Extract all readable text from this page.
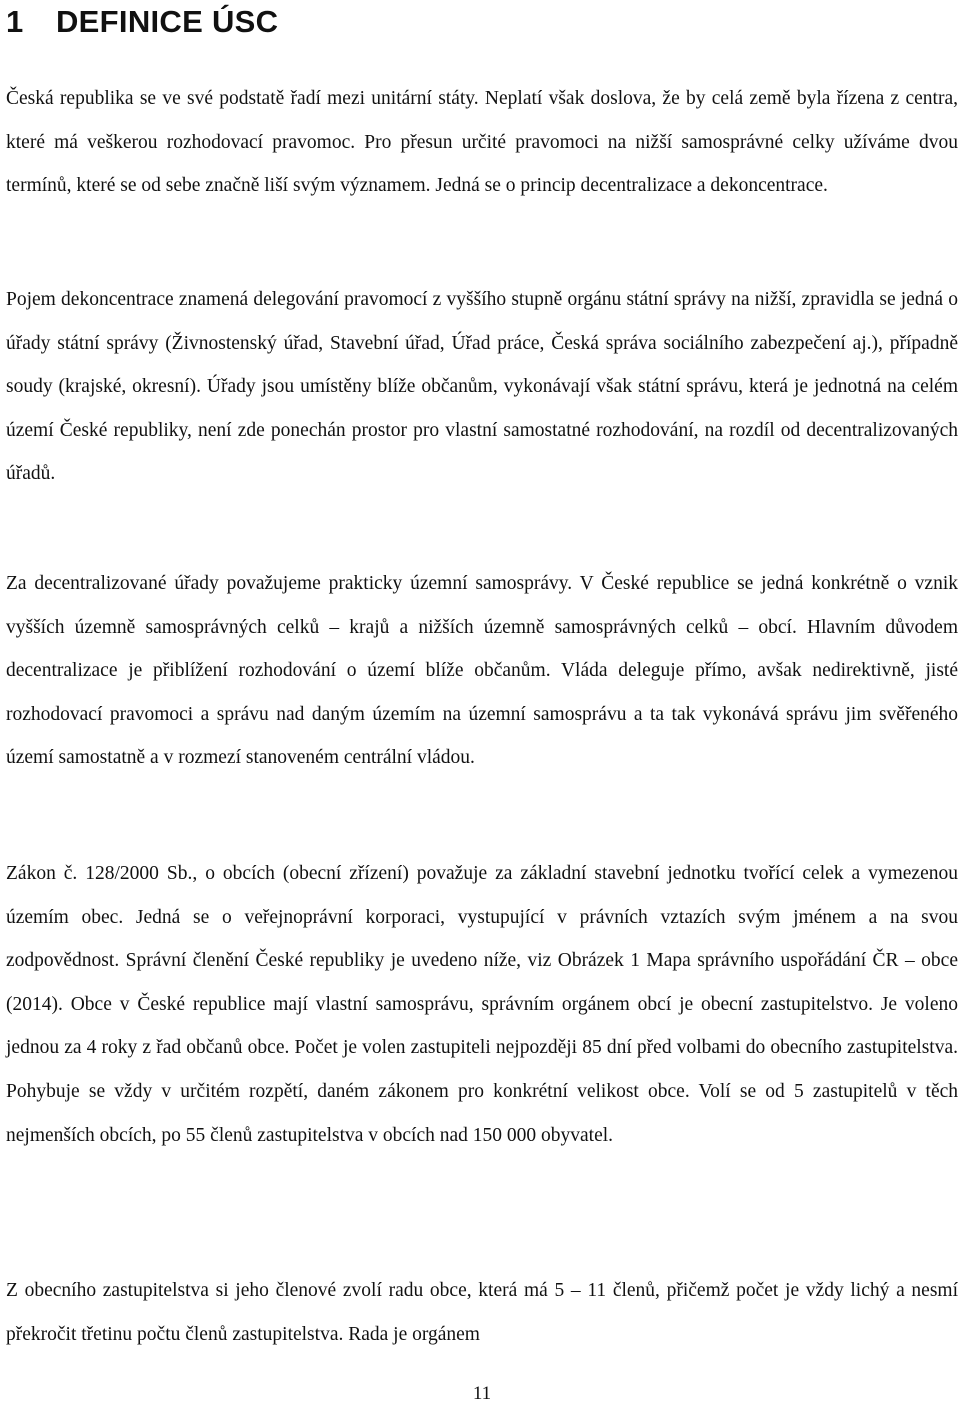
1 DEFINICE ÚSC

Česká republika se ve své podstatě řadí mezi unitární státy. Neplatí však doslova, že by celá země byla řízena z centra, které má veškerou rozhodovací pravomoc. Pro přesun určité pravomoci na nižší samosprávné celky užíváme dvou termínů, které se od sebe značně liší svým významem. Jedná se o princip decentralizace a dekoncentrace.

Pojem dekoncentrace znamená delegování pravomocí z vyššího stupně orgánu státní správy na nižší, zpravidla se jedná o úřady státní správy (Živnostenský úřad, Stavební úřad, Úřad práce, Česká správa sociálního zabezpečení aj.), případně soudy (krajské, okresní). Úřady jsou umístěny blíže občanům, vykonávají však státní správu, která je jednotná na celém území České republiky, není zde ponechán prostor pro vlastní samostatné rozhodování, na rozdíl od decentralizovaných úřadů.

Za decentralizované úřady považujeme prakticky územní samosprávy. V České republice se jedná konkrétně o vznik vyšších územně samosprávných celků – krajů a nižších územně samosprávných celků – obcí. Hlavním důvodem decentralizace je přiblížení rozhodování o území blíže občanům. Vláda deleguje přímo, avšak nedirektivně, jisté rozhodovací pravomoci a správu nad daným územím na územní samosprávu a ta tak vykonává správu jim svěřeného území samostatně a v rozmezí stanoveném centrální vládou.

Zákon č. 128/2000 Sb., o obcích (obecní zřízení) považuje za základní stavební jednotku tvořící celek a vymezenou územím obec. Jedná se o veřejnoprávní korporaci, vystupující v právních vztazích svým jménem a na svou zodpovědnost. Správní členění České republiky je uvedeno níže, viz Obrázek 1 Mapa správního uspořádání ČR – obce (2014). Obce v České republice mají vlastní samosprávu, správním orgánem obcí je obecní zastupitelstvo. Je voleno jednou za 4 roky z řad občanů obce. Počet je volen zastupiteli nejpozději 85 dní před volbami do obecního zastupitelstva. Pohybuje se vždy v určitém rozpětí, daném zákonem pro konkrétní velikost obce. Volí se od 5 zastupitelů v těch nejmenších obcích, po 55 členů zastupitelstva v obcích nad 150 000 obyvatel.

Z obecního zastupitelstva si jeho členové zvolí radu obce, která má 5 – 11 členů, přičemž počet je vždy lichý a nesmí překročit třetinu počtu členů zastupitelstva. Rada je orgánem

11
